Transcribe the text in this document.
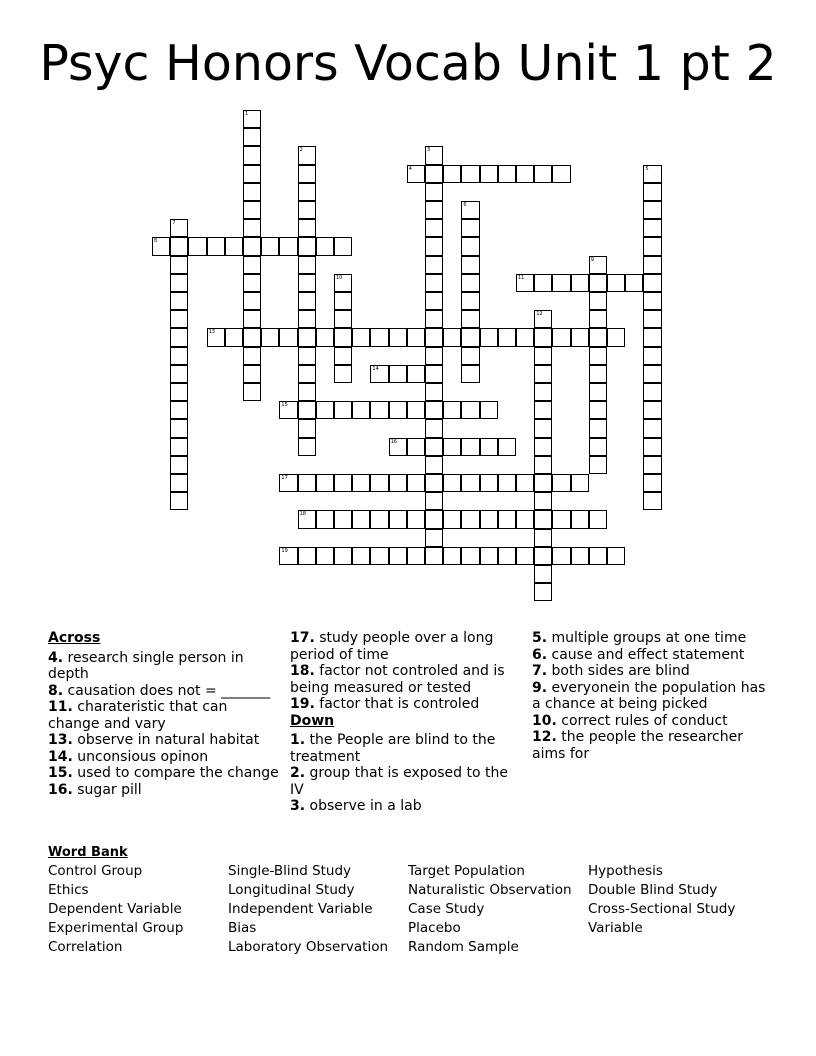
Psyc Honors Vocab Unit 1 pt 2
1
2	3
4	5
6
7
8
9
10	11
12
13
14
15
16
17
18
19
Across
4. research single person in depth
8. causation does not = _______
11. charateristic that can change and vary
13. observe in natural habitat
14. unconsious opinon
15. used to compare the change
16. sugar pill
17. study people over a long period of time
18. factor not controled and is being measured or tested
19. factor that is controled
Down
1. the People are blind to the treatment
2. group that is exposed to the IV
3. observe in a lab
5. multiple groups at one time
6. cause and effect statement
7. both sides are blind
9. everyonein the population has a chance at being picked
10. correct rules of conduct
12. the people the researcher aims for
Word Bank
Control Group
Ethics
Dependent Variable
Experimental Group
Correlation
Single-Blind Study
Longitudinal Study
Independent Variable
Bias
Laboratory Observation
Target Population
Naturalistic Observation
Case Study
Placebo
Random Sample
Hypothesis
Double Blind Study
Cross-Sectional Study
Variable
